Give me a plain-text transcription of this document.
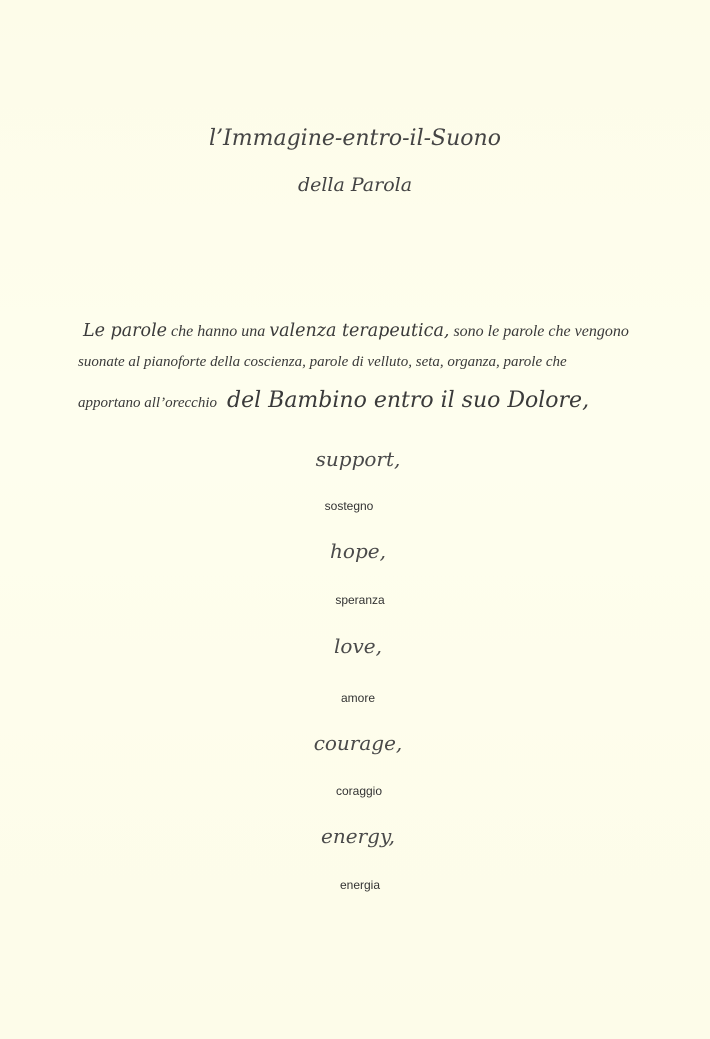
l’Immagine-entro-il-Suono
della Parola
Le parole che hanno una valenza terapeutica, sono le parole che vengono
suonate al pianoforte della coscienza, parole di velluto, seta, organza, parole che
apportano all’orecchio del Bambino entro il suo Dolore,
support,
sostegno
hope,
speranza
love,
amore
courage,
coraggio
energy,
energia
